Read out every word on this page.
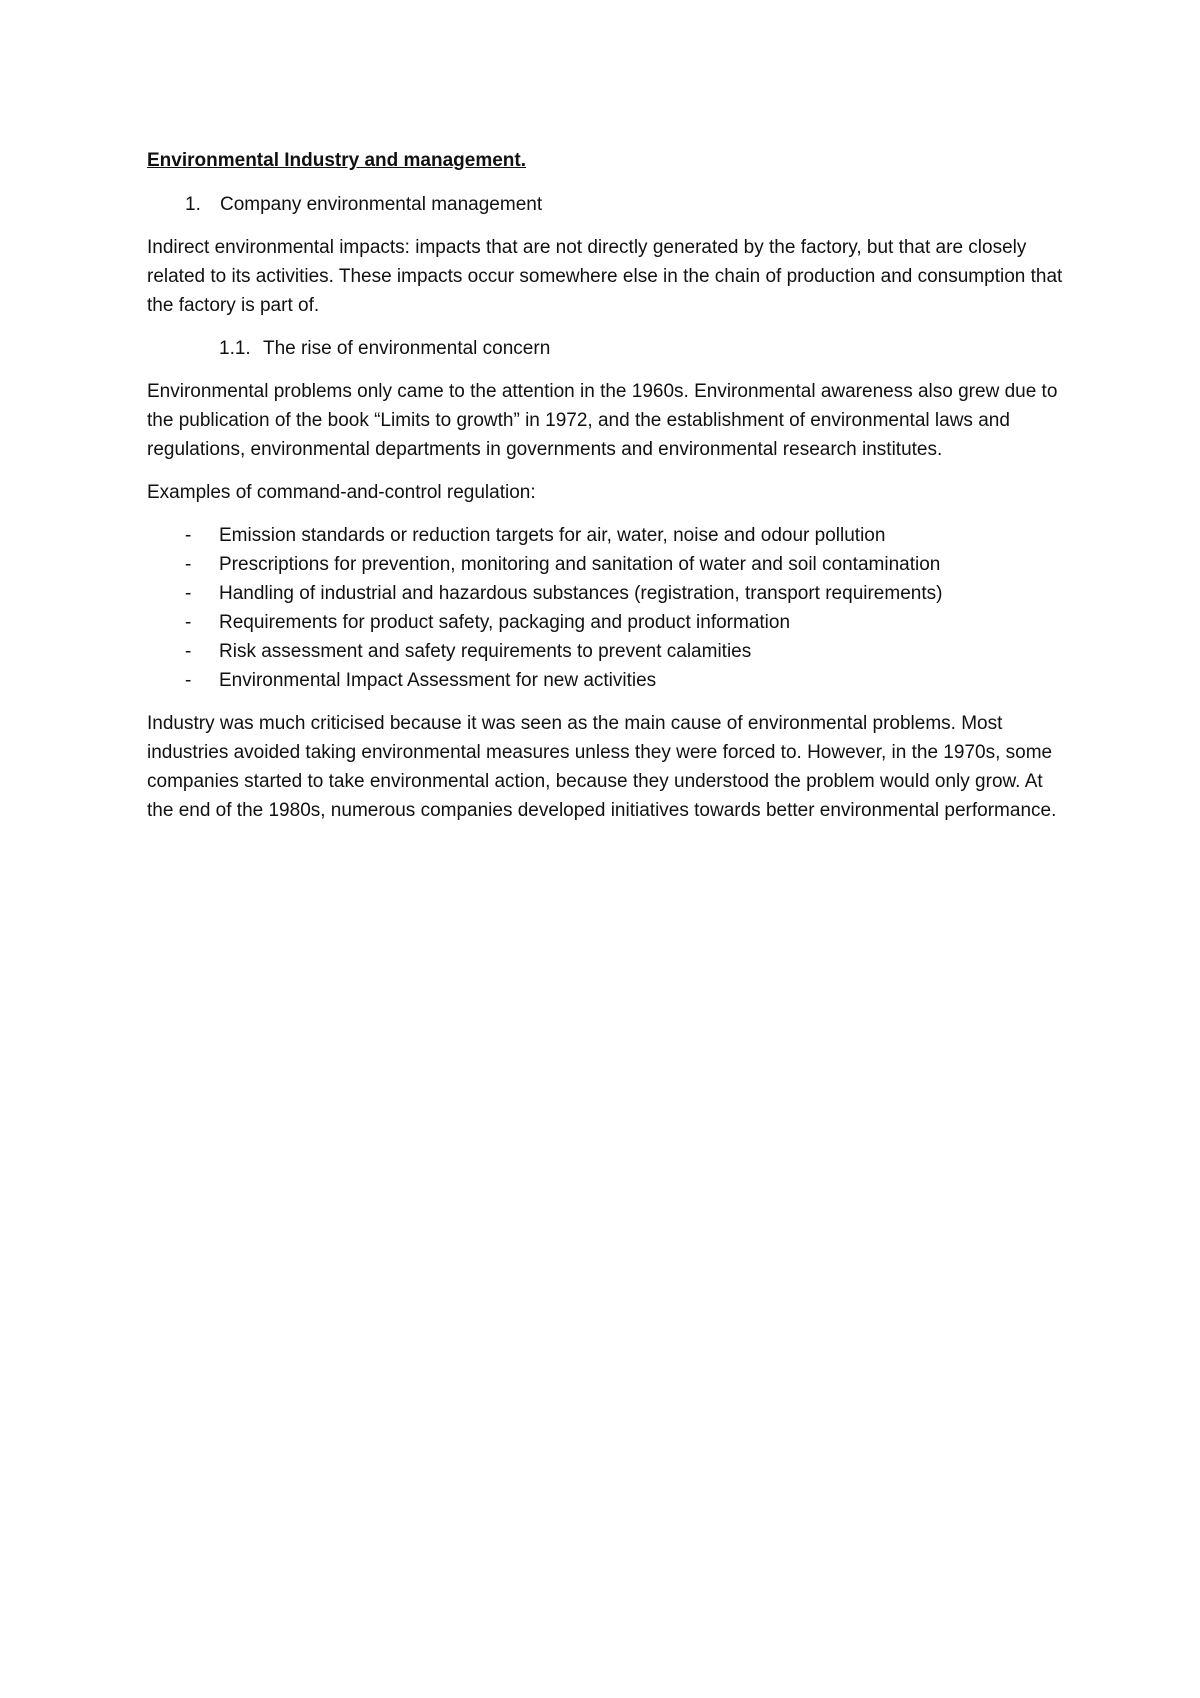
Environmental Industry and management.
1. Company environmental management

Indirect environmental impacts: impacts that are not directly generated by the factory, but that are closely related to its activities. These impacts occur somewhere else in the chain of production and consumption that the factory is part of.

1.1. The rise of environmental concern

Environmental problems only came to the attention in the 1960s. Environmental awareness also grew due to the publication of the book “Limits to growth” in 1972, and the establishment of environmental laws and regulations, environmental departments in governments and environmental research institutes.

Examples of command-and-control regulation:

- Emission standards or reduction targets for air, water, noise and odour pollution
- Prescriptions for prevention, monitoring and sanitation of water and soil contamination
- Handling of industrial and hazardous substances (registration, transport requirements)
- Requirements for product safety, packaging and product information
- Risk assessment and safety requirements to prevent calamities
- Environmental Impact Assessment for new activities

Industry was much criticised because it was seen as the main cause of environmental problems. Most industries avoided taking environmental measures unless they were forced to. However, in the 1970s, some companies started to take environmental action, because they understood the problem would only grow. At the end of the 1980s, numerous companies developed initiatives towards better environmental performance.
